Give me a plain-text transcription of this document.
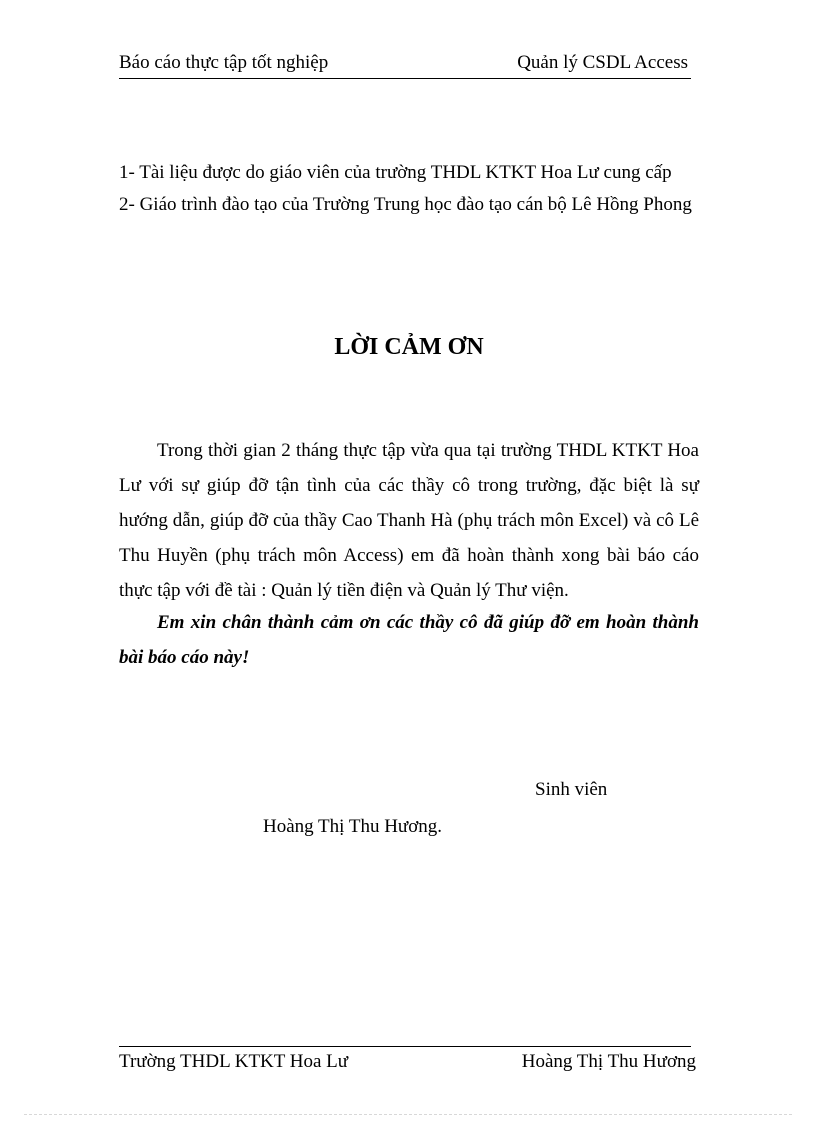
Báo cáo thực tập tốt nghiệp	Quản lý CSDL Access
1- Tài liệu được do giáo viên của trường THDL KTKT Hoa Lư cung cấp
2- Giáo trình đào tạo của Trường Trung học đào tạo cán bộ Lê Hồng Phong
LỜI CẢM ƠN

Trong thời gian 2 tháng thực tập vừa qua tại trường THDL KTKT Hoa Lư với sự giúp đỡ tận tình của các thầy cô trong trường, đặc biệt là sự hướng dẫn, giúp đỡ của thầy Cao Thanh Hà (phụ trách môn Excel) và cô Lê Thu Huyền (phụ trách môn Access) em đã hoàn thành xong bài báo cáo thực tập với đề tài : Quản lý tiền điện và Quản lý Thư viện.

Em xin chân thành cảm ơn các thầy cô đã giúp đỡ em hoàn thành bài báo cáo này!

Sinh viên
Hoàng Thị Thu Hương.
Trường THDL KTKT Hoa Lư	Hoàng Thị Thu Hương
